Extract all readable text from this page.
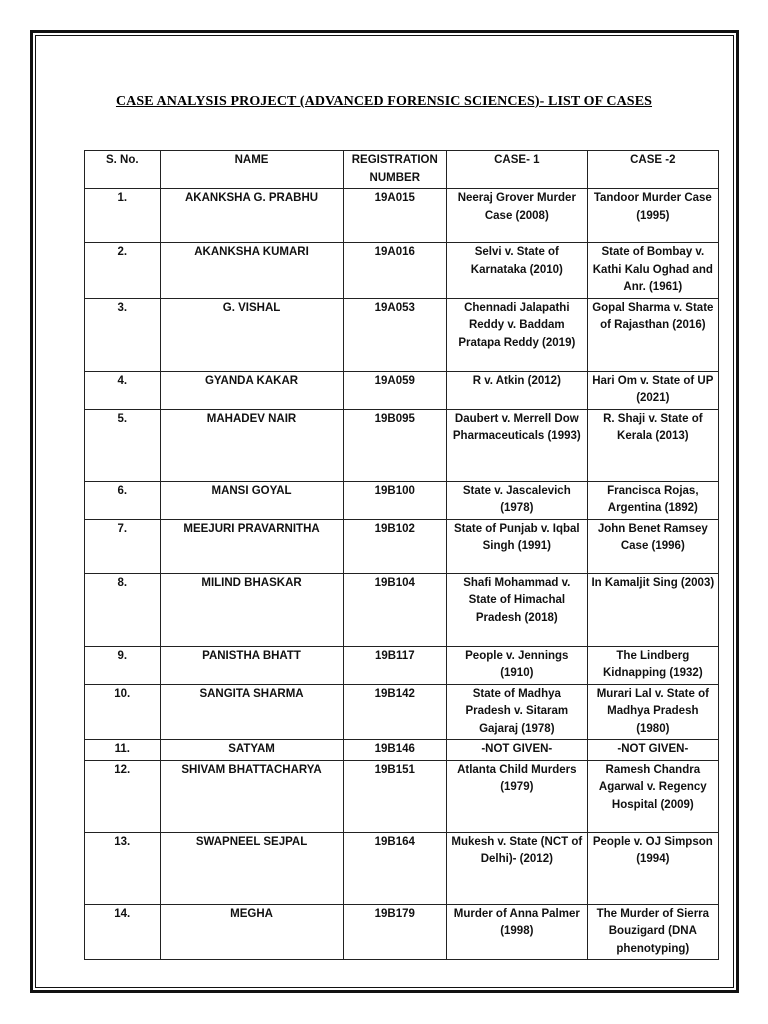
CASE ANALYSIS PROJECT (ADVANCED FORENSIC SCIENCES)- LIST OF CASES
S. No.	NAME	REGISTRATION NUMBER	CASE- 1	CASE -2
1.	AKANKSHA G. PRABHU	19A015	Neeraj Grover Murder Case (2008)	Tandoor Murder Case (1995)
2.	AKANKSHA KUMARI	19A016	Selvi v. State of Karnataka (2010)	State of Bombay v. Kathi Kalu Oghad and Anr. (1961)
3.	G. VISHAL	19A053	Chennadi Jalapathi Reddy v. Baddam Pratapa Reddy (2019)	Gopal Sharma v. State of Rajasthan (2016)
4.	GYANDA KAKAR	19A059	R v. Atkin (2012)	Hari Om v. State of UP (2021)
5.	MAHADEV NAIR	19B095	Daubert v. Merrell Dow Pharmaceuticals (1993)	R. Shaji v. State of Kerala (2013)
6.	MANSI GOYAL	19B100	State v. Jascalevich (1978)	Francisca Rojas, Argentina (1892)
7.	MEEJURI PRAVARNITHA	19B102	State of Punjab v. Iqbal Singh (1991)	John Benet Ramsey Case (1996)
8.	MILIND BHASKAR	19B104	Shafi Mohammad v. State of Himachal Pradesh (2018)	In Kamaljit Sing (2003)
9.	PANISTHA BHATT	19B117	People v. Jennings (1910)	The Lindberg Kidnapping (1932)
10.	SANGITA SHARMA	19B142	State of Madhya Pradesh v. Sitaram Gajaraj (1978)	Murari Lal v. State of Madhya Pradesh (1980)
11.	SATYAM	19B146	-NOT GIVEN-	-NOT GIVEN-
12.	SHIVAM BHATTACHARYA	19B151	Atlanta Child Murders (1979)	Ramesh Chandra Agarwal v. Regency Hospital (2009)
13.	SWAPNEEL SEJPAL	19B164	Mukesh v. State (NCT of Delhi)- (2012)	People v. OJ Simpson (1994)
14.	MEGHA	19B179	Murder of Anna Palmer (1998)	The Murder of Sierra Bouzigard (DNA phenotyping)
